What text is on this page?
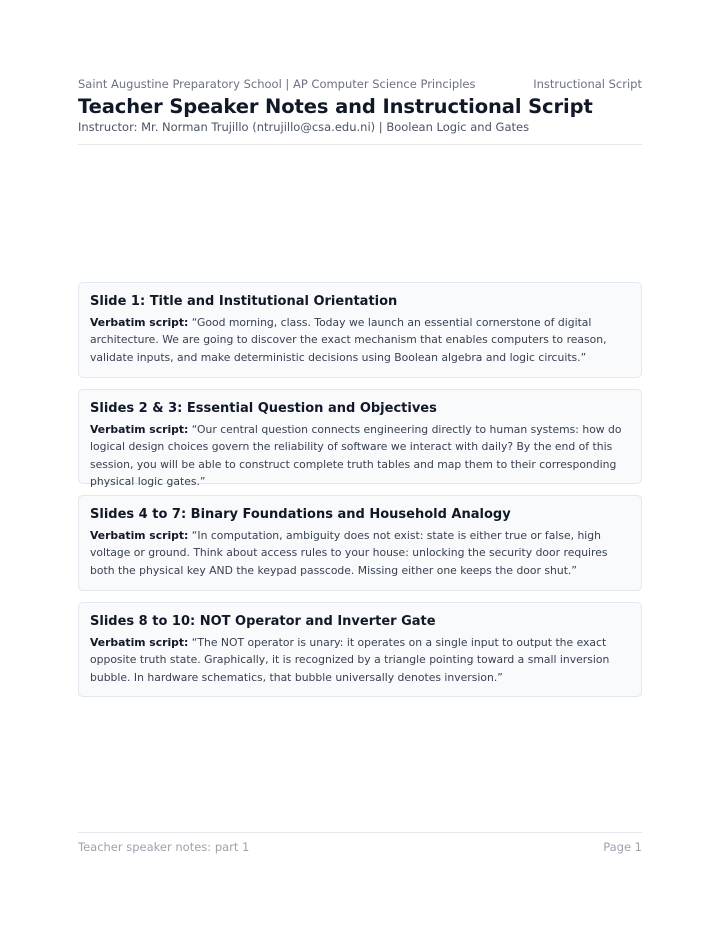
Saint Augustine Preparatory School | AP Computer Science Principles	Instructional Script
Teacher Speaker Notes and Instructional Script
Instructor: Mr. Norman Trujillo (ntrujillo@csa.edu.ni) | Boolean Logic and Gates
Slide 1: Title and Institutional Orientation

Verbatim script: “Good morning, class. Today we launch an essential cornerstone of digital architecture. We are going to discover the exact mechanism that enables computers to reason, validate inputs, and make deterministic decisions using Boolean algebra and logic circuits.”

Slides 2 & 3: Essential Question and Objectives

Verbatim script: “Our central question connects engineering directly to human systems: how do logical design choices govern the reliability of software we interact with daily? By the end of this session, you will be able to construct complete truth tables and map them to their corresponding physical logic gates.”

Slides 4 to 7: Binary Foundations and Household Analogy

Verbatim script: “In computation, ambiguity does not exist: state is either true or false, high voltage or ground. Think about access rules to your house: unlocking the security door requires both the physical key AND the keypad passcode. Missing either one keeps the door shut.”

Slides 8 to 10: NOT Operator and Inverter Gate

Verbatim script: “The NOT operator is unary: it operates on a single input to output the exact opposite truth state. Graphically, it is recognized by a triangle pointing toward a small inversion bubble. In hardware schematics, that bubble universally denotes inversion.”

Teacher speaker notes: part 1	Page 1
